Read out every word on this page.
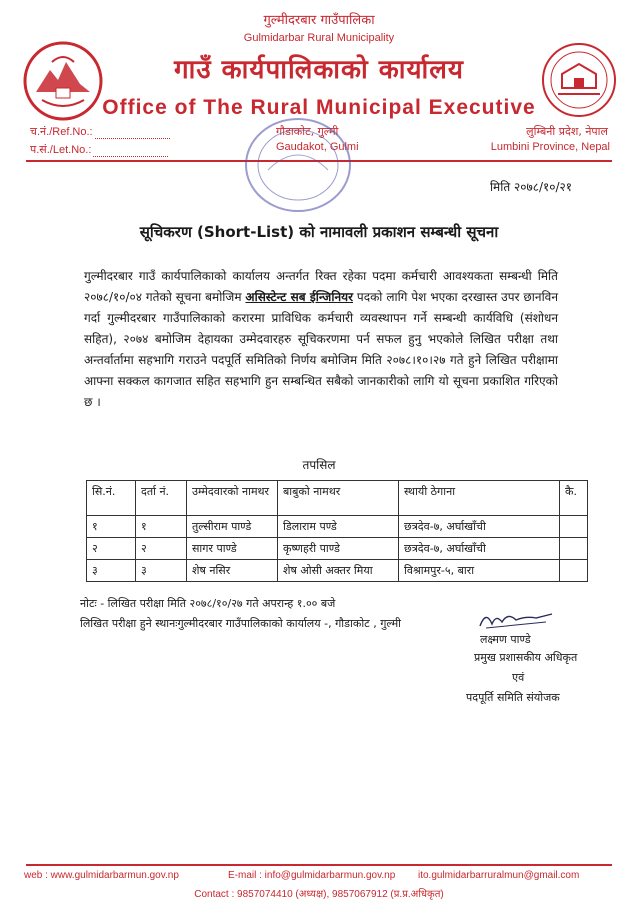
गुल्मीदरबार गाउँपालिका
Gulmidarbar Rural Municipality
गाउँ कार्यपालिकाको कार्यालय
Office of The Rural Municipal Executive
च.नं./Ref.No.:
प.सं./Let.No.:
गौडाकोट, गुल्मी
Gaudakot, Gulmi
लुम्बिनी प्रदेश, नेपाल
Lumbini Province, Nepal
मिति २०७८/१०/२१
सूचिकरण (Short-List) को नामावली प्रकाशन सम्बन्धी सूचना
गुल्मीदरबार गाउँ कार्यपालिकाको कार्यालय अन्तर्गत रिक्त रहेका पदमा कर्मचारी आवश्यकता सम्बन्धी मिति २०७८/१०/०४ गतेको सूचना बमोजिम असिस्टेन्ट सब ईन्जिनियर पदको लागि पेश भएका दरखास्त उपर छानविन गर्दा गुल्मीदरबार गाउँपालिकाको करारमा प्राविधिक कर्मचारी व्यवस्थापन गर्ने सम्बन्धी कार्यविधि (संशोधन सहित), २०७४ बमोजिम देहायका उम्मेदवारहरु सूचिकरणमा पर्न सफल हुनु भएकोले लिखित परीक्षा तथा अन्तर्वार्तामा सहभागि गराउने पदपूर्ति समितिको निर्णय बमोजिम मिति २०७८।१०।२७ गते हुने लिखित परीक्षामा आफ्ना सक्कल कागजात सहित सहभागि हुन सम्बन्धित सबैको जानकारीको लागि यो सूचना प्रकाशित गरिएको छ ।
तपसिल
सि.नं.	दर्ता नं.	उम्मेदवारको नामथर	बाबुको नामथर	स्थायी ठेगाना	कै.
१	१	तुल्सीराम पाण्डे	डिलाराम पण्डे	छत्रदेव-७, अर्घाखाँची	
२	२	सागर पाण्डे	कृष्णहरी पाण्डे	छत्रदेव-७, अर्घाखाँची	
३	३	शेष नसिर	शेष ओसी अक्तर मिया	विश्रामपुर-५, बारा	
नोटः - लिखित परीक्षा मिति २०७८/१०/२७ गते अपरान्ह १.०० बजे
लिखित परीक्षा हुने स्थानःगुल्मीदरबार गाउँपालिकाको कार्यालय -, गौडाकोट , गुल्मी
लक्ष्मण पाण्डे
प्रमुख प्रशासकीय अधिकृत
एवं
पदपूर्ति समिति संयोजक
web : www.gulmidarbarmun.gov.np	E-mail : info@gulmidarbarmun.gov.np ito.gulmidarbarruralmun@gmail.com
Contact : 9857074410 (अध्यक्ष), 9857067912 (प्र.प्र.अधिकृत)
